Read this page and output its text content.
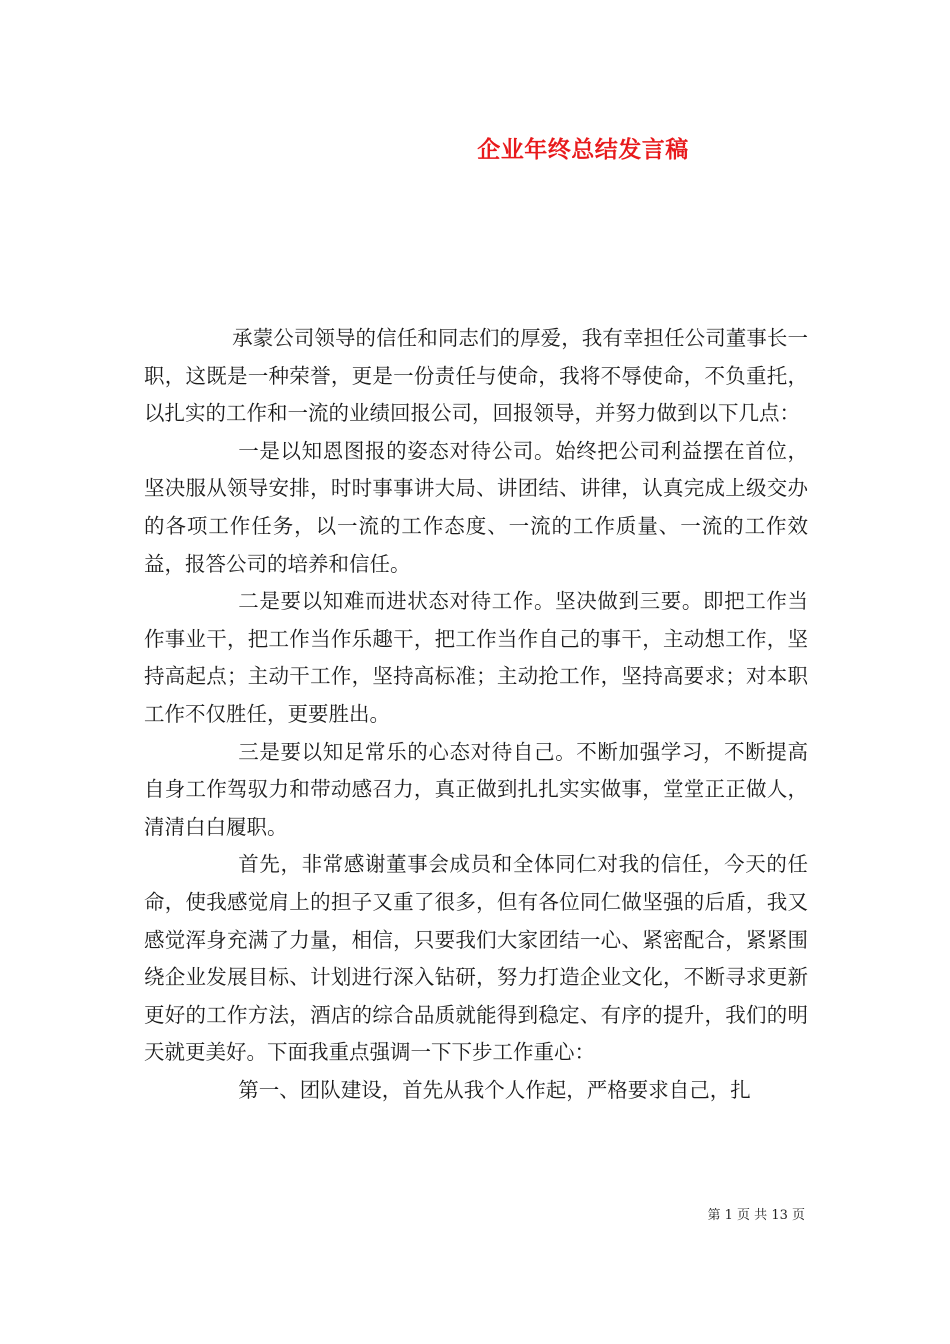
企业年终总结发言稿

承蒙公司领导的信任和同志们的厚爱，我有幸担任公司董事长一职，这既是一种荣誉，更是一份责任与使命，我将不辱使命，不负重托，以扎实的工作和一流的业绩回报公司，回报领导，并努力做到以下几点：

一是以知恩图报的姿态对待公司。始终把公司利益摆在首位，坚决服从领导安排，时时事事讲大局、讲团结、讲律，认真完成上级交办的各项工作任务，以一流的工作态度、一流的工作质量、一流的工作效益，报答公司的培养和信任。

二是要以知难而进状态对待工作。坚决做到三要。即把工作当作事业干，把工作当作乐趣干，把工作当作自己的事干，主动想工作，坚持高起点；主动干工作，坚持高标准；主动抢工作，坚持高要求；对本职工作不仅胜任，更要胜出。

三是要以知足常乐的心态对待自己。不断加强学习，不断提高自身工作驾驭力和带动感召力，真正做到扎扎实实做事，堂堂正正做人，清清白白履职。

首先，非常感谢董事会成员和全体同仁对我的信任，今天的任命，使我感觉肩上的担子又重了很多，但有各位同仁做坚强的后盾，我又感觉浑身充满了力量，相信，只要我们大家团结一心、紧密配合，紧紧围绕企业发展目标、计划进行深入钻研，努力打造企业文化，不断寻求更新更好的工作方法，酒店的综合品质就能得到稳定、有序的提升，我们的明天就更美好。下面我重点强调一下下步工作重心：

第一、团队建设，首先从我个人作起，严格要求自己，扎

第 1 页 共 13 页
